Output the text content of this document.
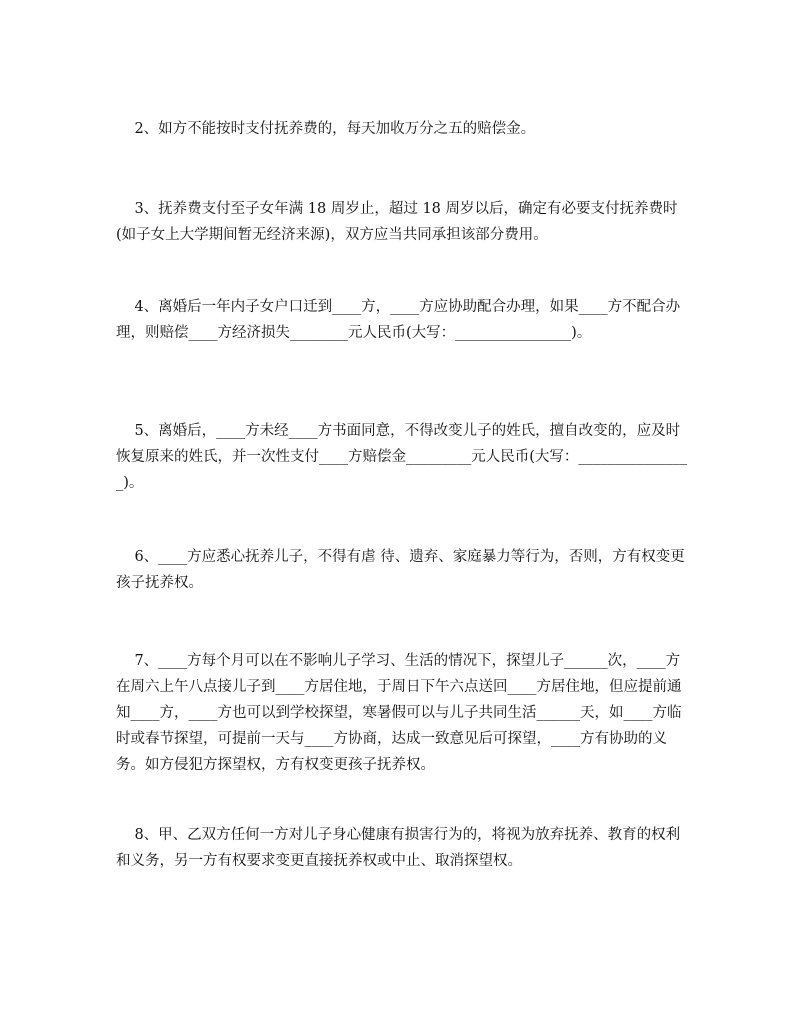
2、如方不能按时支付抚养费的，每天加收万分之五的赔偿金。

3、抚养费支付至子女年满 18 周岁止，超过 18 周岁以后，确定有必要支付抚养费时(如子女上大学期间暂无经济来源)，双方应当共同承担该部分费用。

4、离婚后一年内子女户口迁到____方，____方应协助配合办理，如果____方不配合办理，则赔偿____方经济损失________元人民币(大写：________________)。

5、离婚后，____方未经____方书面同意，不得改变儿子的姓氏，擅自改变的，应及时恢复原来的姓氏，并一次性支付____方赔偿金_________元人民币(大写：________________)。

6、____方应悉心抚养儿子，不得有虐 待、遗弃、家庭暴力等行为，否则，方有权变更孩子抚养权。

7、____方每个月可以在不影响儿子学习、生活的情况下，探望儿子______次，____方在周六上午八点接儿子到____方居住地，于周日下午六点送回____方居住地，但应提前通知____方，____方也可以到学校探望，寒暑假可以与儿子共同生活______天，如____方临时或春节探望，可提前一天与____方协商，达成一致意见后可探望，____方有协助的义务。如方侵犯方探望权，方有权变更孩子抚养权。

8、甲、乙双方任何一方对儿子身心健康有损害行为的，将视为放弃抚养、教育的权利和义务，另一方有权要求变更直接抚养权或中止、取消探望权。
